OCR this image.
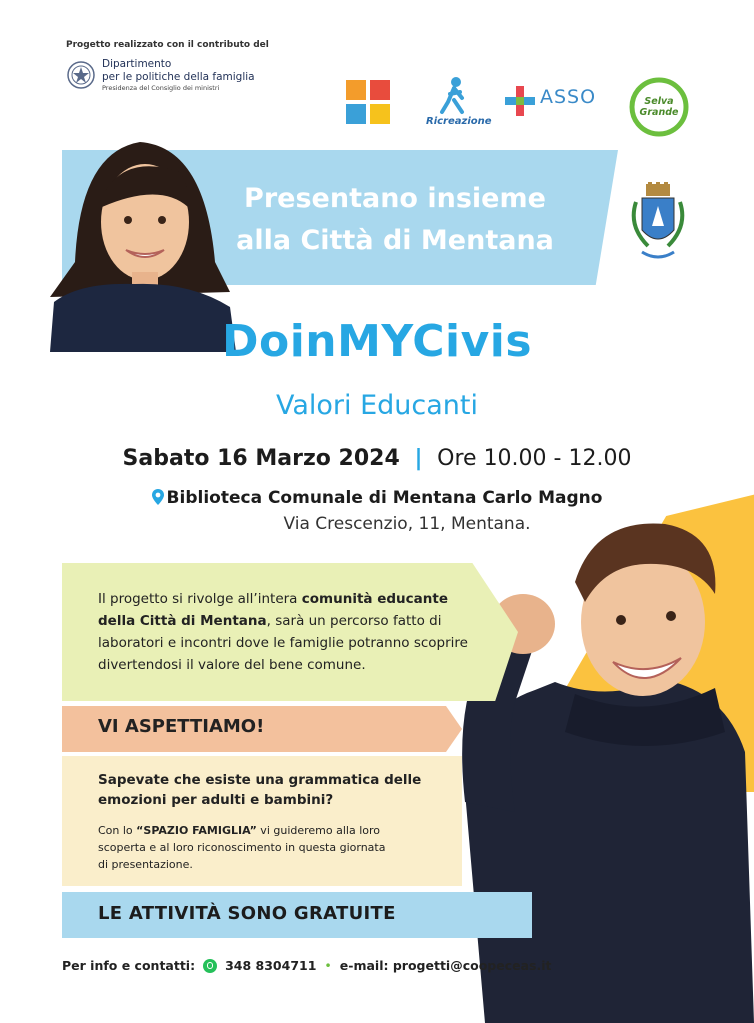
Progetto realizzato con il contributo del
Dipartimento
per le politiche della famiglia
Presidenza del Consiglio dei ministri
Ricreazione
ASSO	Selva Grande
Presentano insieme
alla Città di Mentana
DoinMYCivis
Valori Educanti
Sabato 16 Marzo 2024  |  Ore 10.00 - 12.00
Biblioteca Comunale di Mentana Carlo Magno
Via Crescenzio, 11, Mentana.
Il progetto si rivolge all’intera comunità educante della Città di Mentana, sarà un percorso fatto di laboratori e incontri dove le famiglie potranno scoprire divertendosi il valore del bene comune.
VI ASPETTIAMO!
Sapevate che esiste una grammatica delle emozioni per adulti e bambini?
Con lo “SPAZIO FAMIGLIA” vi guideremo alla loro scoperta e al loro riconoscimento in questa giornata di presentazione.
LE ATTIVITÀ SONO GRATUITE
Per info e contatti: 348 8304711 • e-mail: progetti@coopeceas.it
